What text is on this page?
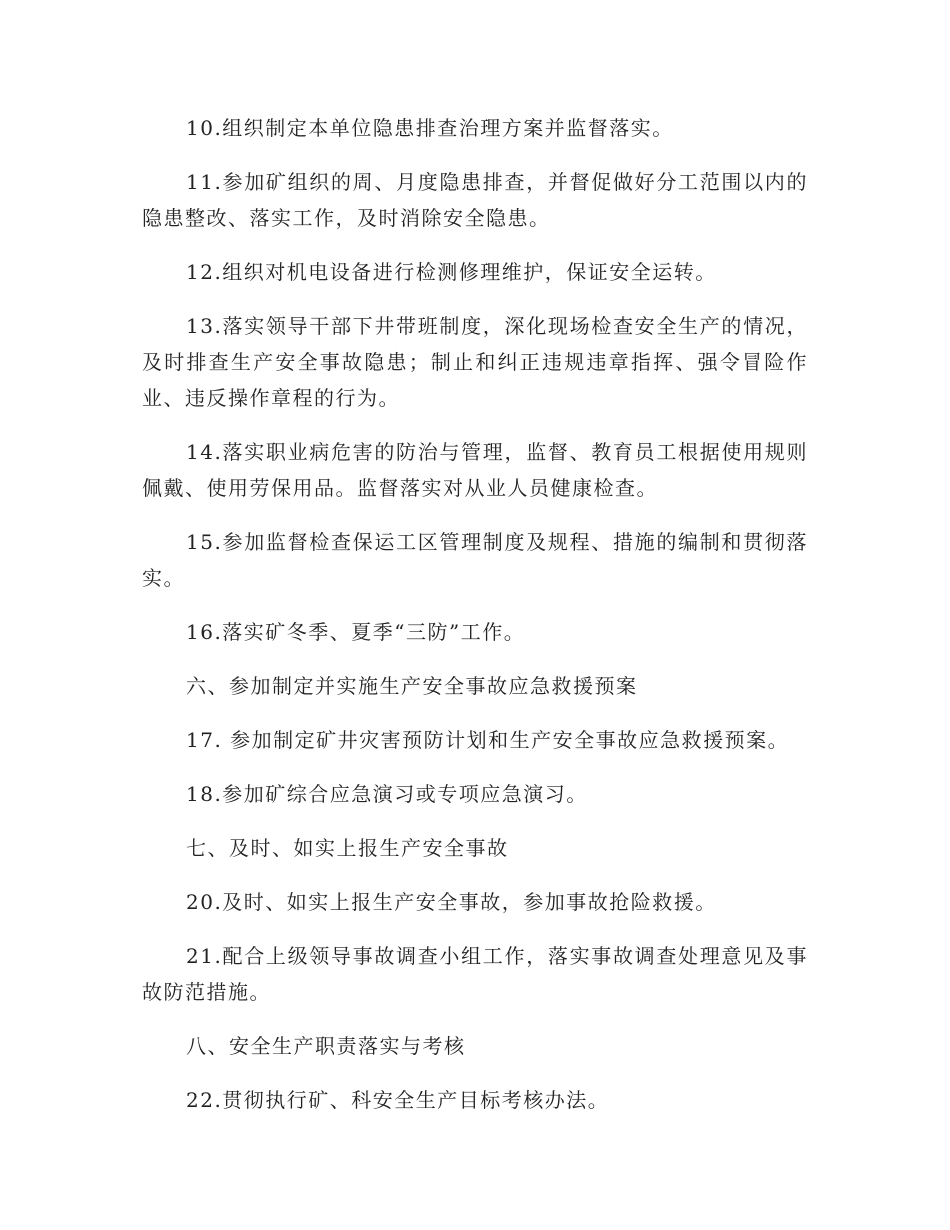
10.组织制定本单位隐患排查治理方案并监督落实。

11.参加矿组织的周、月度隐患排查，并督促做好分工范围以内的隐患整改、落实工作，及时消除安全隐患。

12.组织对机电设备进行检测修理维护，保证安全运转。

13.落实领导干部下井带班制度，深化现场检查安全生产的情况，及时排查生产安全事故隐患；制止和纠正违规违章指挥、强令冒险作业、违反操作章程的行为。

14.落实职业病危害的防治与管理，监督、教育员工根据使用规则佩戴、使用劳保用品。监督落实对从业人员健康检查。

15.参加监督检查保运工区管理制度及规程、措施的编制和贯彻落实。

16.落实矿冬季、夏季“三防”工作。

六、参加制定并实施生产安全事故应急救援预案

17. 参加制定矿井灾害预防计划和生产安全事故应急救援预案。

18.参加矿综合应急演习或专项应急演习。

七、及时、如实上报生产安全事故

20.及时、如实上报生产安全事故，参加事故抢险救援。

21.配合上级领导事故调查小组工作，落实事故调查处理意见及事故防范措施。

八、安全生产职责落实与考核

22.贯彻执行矿、科安全生产目标考核办法。
